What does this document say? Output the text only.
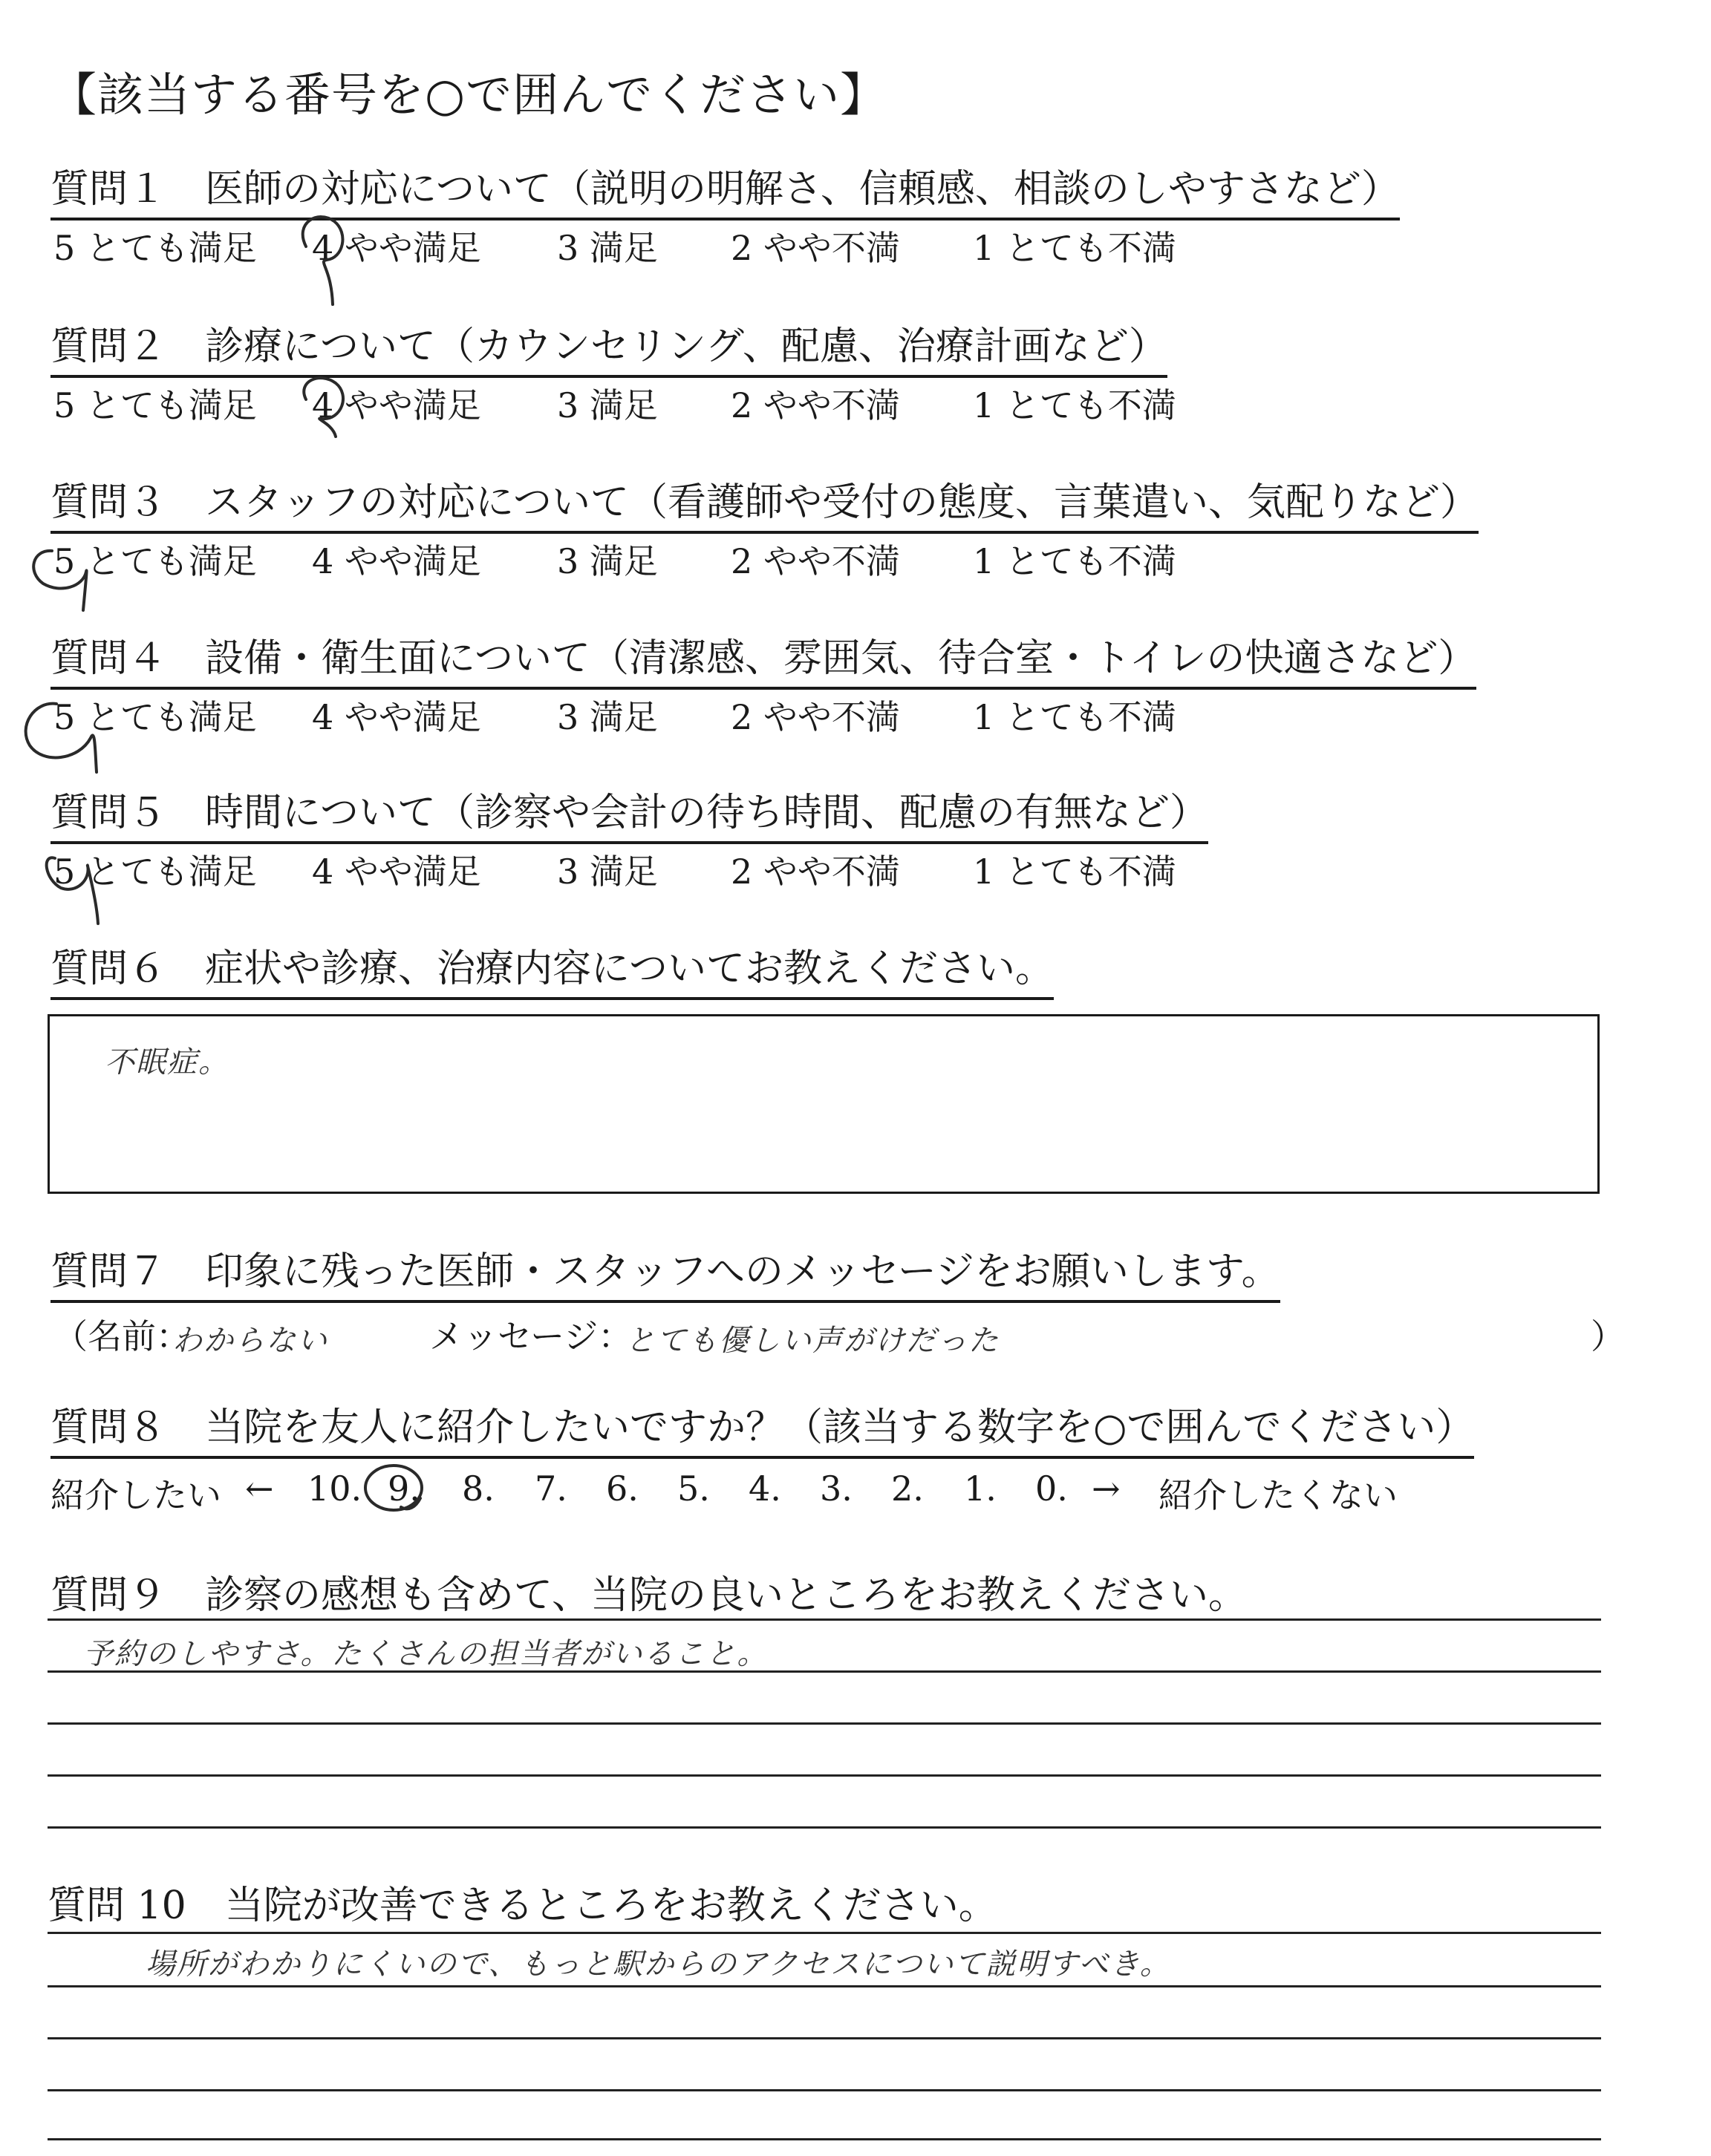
【該当する番号を○で囲んでください】
質問１　医師の対応について（説明の明解さ、信頼感、相談のしやすさなど）
5 とても満足 4 やや満足 3 満足 2 やや不満 1 とても不満
質問２　診療について（カウンセリング、配慮、治療計画など）
5 とても満足 4 やや満足 3 満足 2 やや不満 1 とても不満
質問３　スタッフの対応について（看護師や受付の態度、言葉遣い、気配りなど）
5 とても満足 4 やや満足 3 満足 2 やや不満 1 とても不満
質問４　設備・衛生面について（清潔感、雰囲気、待合室・トイレの快適さなど）
5 とても満足 4 やや満足 3 満足 2 やや不満 1 とても不満
質問５　時間について（診察や会計の待ち時間、配慮の有無など）
5 とても満足 4 やや満足 3 満足 2 やや不満 1 とても不満
質問６　症状や診療、治療内容についてお教えください。
不眠症。
質問７　印象に残った医師・スタッフへのメッセージをお願いします。
（名前：
わからない	メッセージ：
とても優しい声がけだった	）
質問８　当院を友人に紹介したいですか？（該当する数字を○で囲んでください）
紹介したい ← 10. 9. 8. 7. 6. 5. 4. 3. 2. 1. 0. → 紹介したくない
質問９　診察の感想も含めて、当院の良いところをお教えください。
予約のしやすさ。たくさんの担当者がいること。
質問 10　当院が改善できるところをお教えください。
場所がわかりにくいので、もっと駅からのアクセスについて説明すべき。
